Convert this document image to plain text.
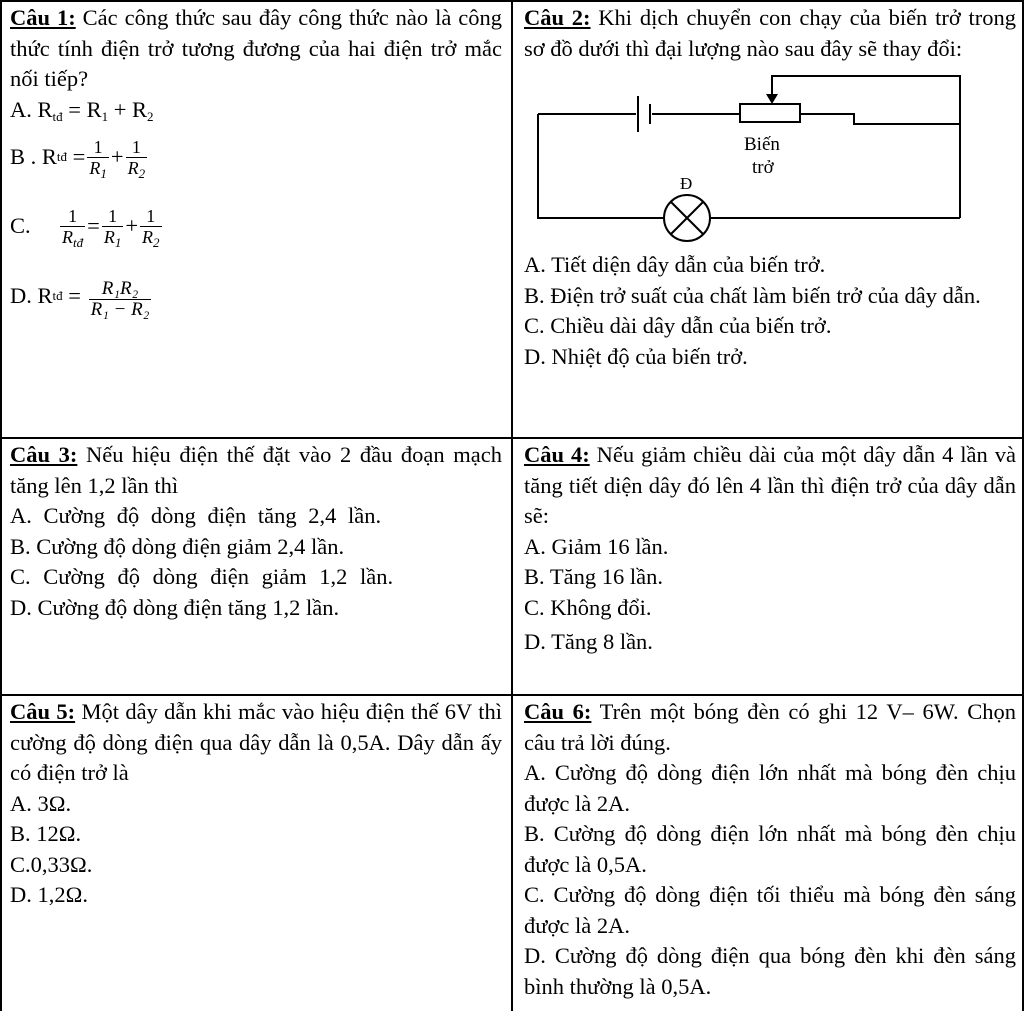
Câu 1: Các công thức sau đây công thức nào là công thức tính điện trở tương đương của hai điện trở mắc nối tiếp?

A. $R_{tđ} = R_1 + R_2$
B . R tđ = $\frac{1}{R_1} + \frac{1}{R_2}$
C.	$\frac{1}{R_{tđ}} = \frac{1}{R_1} + \frac{1}{R_2}$
D. R tđ = $\frac{\text{R₁R₂}}{\text{R₁ − R₂}}$

Câu 2: Khi dịch chuyển con chạy của biến trở trong sơ đồ dưới thì đại lượng nào sau đây sẽ thay đổi:

Biến
trở
Đ

A. Tiết diện dây dẫn của biến trở.

B. Điện trở suất của chất làm biến trở của dây dẫn.

C. Chiều dài dây dẫn của biến trở.

D. Nhiệt độ của biến trở.

Câu 3: Nếu hiệu điện thế đặt vào 2 đầu đoạn mạch tăng lên 1,2 lần thì

A. Cường độ dòng điện tăng 2,4 lần.

B. Cường độ dòng điện giảm 2,4 lần.

C. Cường độ dòng điện giảm 1,2 lần.

D. Cường độ dòng điện tăng 1,2 lần.

Câu 4: Nếu giảm chiều dài của một dây dẫn 4 lần và tăng tiết diện dây đó lên 4 lần thì điện trở của dây dẫn sẽ:

A. Giảm 16 lần.

B. Tăng 16 lần.

C. Không đổi.

D. Tăng 8 lần.

Câu 5: Một dây dẫn khi mắc vào hiệu điện thế 6V thì cường độ dòng điện qua dây dẫn là 0,5A. Dây dẫn ấy có điện trở là

A. 3Ω.

B. 12Ω.

C.0,33Ω.

D. 1,2Ω.

Câu 6: Trên một bóng đèn có ghi 12 V– 6W. Chọn câu trả lời đúng.

A. Cường độ dòng điện lớn nhất mà bóng đèn chịu được là 2A.

B. Cường độ dòng điện lớn nhất mà bóng đèn chịu được là 0,5A.

C. Cường độ dòng điện tối thiểu mà bóng đèn sáng được là 2A.

D. Cường độ dòng điện qua bóng đèn khi đèn sáng bình thường là 0,5A.
